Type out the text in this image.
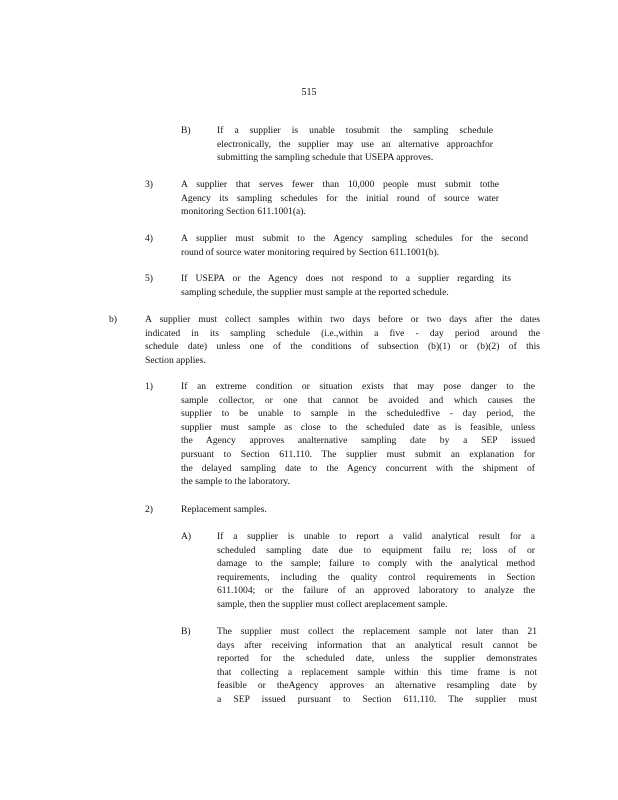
515
B)	If a supplier is unable tosubmit the sampling schedule
electronically, the supplier may use an alternative approachfor
submitting the sampling schedule that USEPA approves.
3)	A supplier that serves fewer than 10,000 people must submit tothe
Agency its sampling schedules for the initial round of source water
monitoring Section 611.1001(a).
4)	A supplier must submit to the Agency sampling schedules for the second
round of source water monitoring required by Section 611.1001(b).
5)	If USEPA or the Agency does not respond to a supplier regarding its
sampling schedule, the supplier must sample at the reported schedule.
b)	A supplier must collect samples within two days before or two days after the dates
indicated in its sampling schedule (i.e.,within a five - day period around the
schedule date) unless one of the conditions of subsection (b)(1) or (b)(2) of this
Section applies.
1)	If an extreme condition or situation exists that may pose danger to the
sample collector, or one that cannot be avoided and which causes the
supplier to be unable to sample in the scheduledfive - day period, the
supplier must sample as close to the scheduled date as is feasible, unless
the Agency approves analternative sampling date by a SEP issued
pursuant to Section 611.110. The supplier must submit an explanation for
the delayed sampling date to the Agency concurrent with the shipment of
the sample to the laboratory.
2)	Replacement samples.
A)	If a supplier is unable to report a valid analytical result for a
scheduled sampling date due to equipment failu re; loss of or
damage to the sample; failure to comply with the analytical method
requirements, including the quality control requirements in Section
611.1004; or the failure of an approved laboratory to analyze the
sample, then the supplier must collect areplacement sample.
B)	The supplier must collect the replacement sample not later than 21
days after receiving information that an analytical result cannot be
reported for the scheduled date, unless the supplier demonstrates
that collecting a replacement sample within this time frame is not
feasible or theAgency approves an alternative resampling date by
a SEP issued pursuant to Section 611.110. The supplier must
